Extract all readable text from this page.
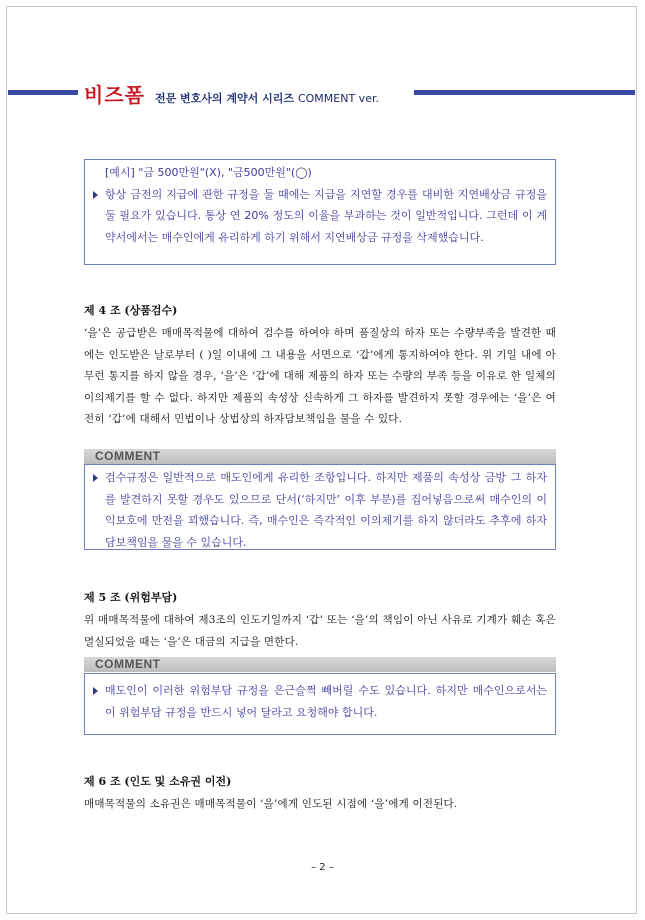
비즈폼 전문 변호사의 계약서 시리즈 COMMENT ver.
[예시] "금 500만원"(X), "금500만원"(◯)
항상 금전의 지급에 관한 규정을 둘 때에는 지급을 지연할 경우를 대비한 지연배상금 규정을 둘 필요가 있습니다. 통상 연 20% 정도의 이율을 부과하는 것이 일반적입니다. 그런데 이 계약서에서는 매수인에게 유리하게 하기 위해서 지연배상금 규정을 삭제했습니다.
제 4 조 (상품검수)
‘을’은 공급받은 매매목적물에 대하여 검수를 하여야 하며 품질상의 하자 또는 수량부족을 발견한 때에는 인도받은 날로부터 ( )일 이내에 그 내용을 서면으로 ‘갑’에게 통지하여야 한다. 위 기일 내에 아무런 통지를 하지 않을 경우, ‘을’은 ‘갑’에 대해 제품의 하자 또는 수량의 부족 등을 이유로 한 일체의 이의제기를 할 수 없다. 하지만 제품의 속성상 신속하게 그 하자를 발견하지 못할 경우에는 ‘을’은 여전히 ‘갑’에 대해서 민법이나 상법상의 하자담보책임을 물을 수 있다.
COMMENT
검수규정은 일반적으로 매도인에게 유리한 조항입니다. 하지만 제품의 속성상 금방 그 하자를 발견하지 못할 경우도 있으므로 단서(‘하지만’ 이후 부분)를 집어넣음으로써 매수인의 이익보호에 만전을 꾀했습니다. 즉, 매수인은 즉각적인 이의제기를 하지 않더라도 추후에 하자담보책임을 물을 수 있습니다.
제 5 조 (위험부담)
위 매매목적물에 대하여 제3조의 인도기일까지 ‘갑’ 또는 ‘을’의 책임이 아닌 사유로 기계가 훼손 혹은 멸실되었을 때는 ‘을’은 대금의 지급을 면한다.
COMMENT
매도인이 이러한 위험부담 규정을 은근슬쩍 빼버릴 수도 있습니다. 하지만 매수인으로서는 이 위험부담 규정을 반드시 넣어 달라고 요청해야 합니다.
제 6 조 (인도 및 소유권 이전)
매매목적물의 소유권은 매매목적물이 ‘을’에게 인도된 시점에 ‘을’에게 이전된다.
– 2 –
